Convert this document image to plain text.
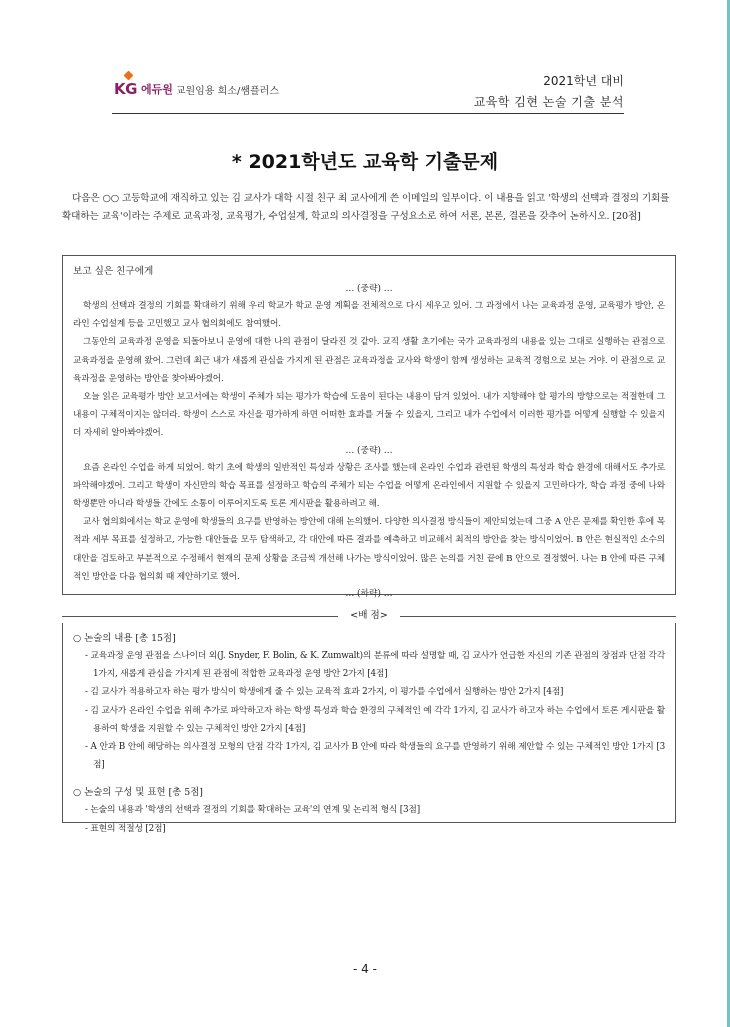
KG 에듀원 교원임용 희소/쌤플러스
2021학년 대비
교육학 김현 논술 기출 분석
* 2021학년도 교육학 기출문제

다음은 ○○ 고등학교에 재직하고 있는 김 교사가 대학 시절 친구 최 교사에게 쓴 이메일의 일부이다. 이 내용을 읽고 '학생의 선택과 결정의 기회를 확대하는 교육'이라는 주제로 교육과정, 교육평가, 수업설계, 학교의 의사결정을 구성요소로 하여 서론, 본론, 결론을 갖추어 논하시오. [20점]

보고 싶은 친구에게

… (중략) …

학생의 선택과 결정의 기회를 확대하기 위해 우리 학교가 학교 운영 계획을 전체적으로 다시 세우고 있어. 그 과정에서 나는 교육과정 운영, 교육평가 방안, 온라인 수업설계 등을 고민했고 교사 협의회에도 참여했어.

그동안의 교육과정 운영을 되돌아보니 운영에 대한 나의 관점이 달라진 것 같아. 교직 생활 초기에는 국가 교육과정의 내용을 있는 그대로 실행하는 관점으로 교육과정을 운영해 왔어. 그런데 최근 내가 새롭게 관심을 가지게 된 관점은 교육과정을 교사와 학생이 함께 생성하는 교육적 경험으로 보는 거야. 이 관점으로 교육과정을 운영하는 방안을 찾아봐야겠어.

오늘 읽은 교육평가 방안 보고서에는 학생이 주체가 되는 평가가 학습에 도움이 된다는 내용이 담겨 있었어. 내가 지향해야 할 평가의 방향으로는 적절한데 그 내용이 구체적이지는 않더라. 학생이 스스로 자신을 평가하게 하면 어떠한 효과를 거둘 수 있을지, 그리고 내가 수업에서 이러한 평가를 어떻게 실행할 수 있을지 더 자세히 알아봐야겠어.

… (중략) …

요즘 온라인 수업을 하게 되었어. 학기 초에 학생의 일반적인 특성과 상황은 조사를 했는데 온라인 수업과 관련된 학생의 특성과 학습 환경에 대해서도 추가로 파악해야겠어. 그리고 학생이 자신만의 학습 목표를 설정하고 학습의 주체가 되는 수업을 어떻게 온라인에서 지원할 수 있을지 고민하다가, 학습 과정 중에 나와 학생뿐만 아니라 학생들 간에도 소통이 이루어지도록 토론 게시판을 활용하려고 해.

교사 협의회에서는 학교 운영에 학생들의 요구를 반영하는 방안에 대해 논의했어. 다양한 의사결정 방식들이 제안되었는데 그중 A 안은 문제를 확인한 후에 목적과 세부 목표를 설정하고, 가능한 대안들을 모두 탐색하고, 각 대안에 따른 결과를 예측하고 비교해서 최적의 방안을 찾는 방식이었어. B 안은 현실적인 소수의 대안을 검토하고 부분적으로 수정해서 현재의 문제 상황을 조금씩 개선해 나가는 방식이었어. 많은 논의를 거친 끝에 B 안으로 결정했어. 나는 B 안에 따른 구체적인 방안을 다음 협의회 때 제안하기로 했어.

… (하략) …

<배 점>

○ 논술의 내용 [총 15점]

- 교육과정 운영 관점을 스나이더 외(J. Snyder, F. Bolin, & K. Zumwalt)의 분류에 따라 설명할 때, 김 교사가 언급한 자신의 기존 관점의 장점과 단점 각각 1가지, 새롭게 관심을 가지게 된 관점에 적합한 교육과정 운영 방안 2가지 [4점]

- 김 교사가 적용하고자 하는 평가 방식이 학생에게 줄 수 있는 교육적 효과 2가지, 이 평가를 수업에서 실행하는 방안 2가지 [4점]

- 김 교사가 온라인 수업을 위해 추가로 파악하고자 하는 학생 특성과 학습 환경의 구체적인 예 각각 1가지, 김 교사가 하고자 하는 수업에서 토론 게시판을 활용하여 학생을 지원할 수 있는 구체적인 방안 2가지 [4점]

- A 안과 B 안에 해당하는 의사결정 모형의 단점 각각 1가지, 김 교사가 B 안에 따라 학생들의 요구를 반영하기 위해 제안할 수 있는 구체적인 방안 1가지 [3점]

○ 논술의 구성 및 표현 [총 5점]

- 논술의 내용과 '학생의 선택과 결정의 기회를 확대하는 교육'의 연계 및 논리적 형식 [3점]

- 표현의 적절성 [2점]

- 4 -
